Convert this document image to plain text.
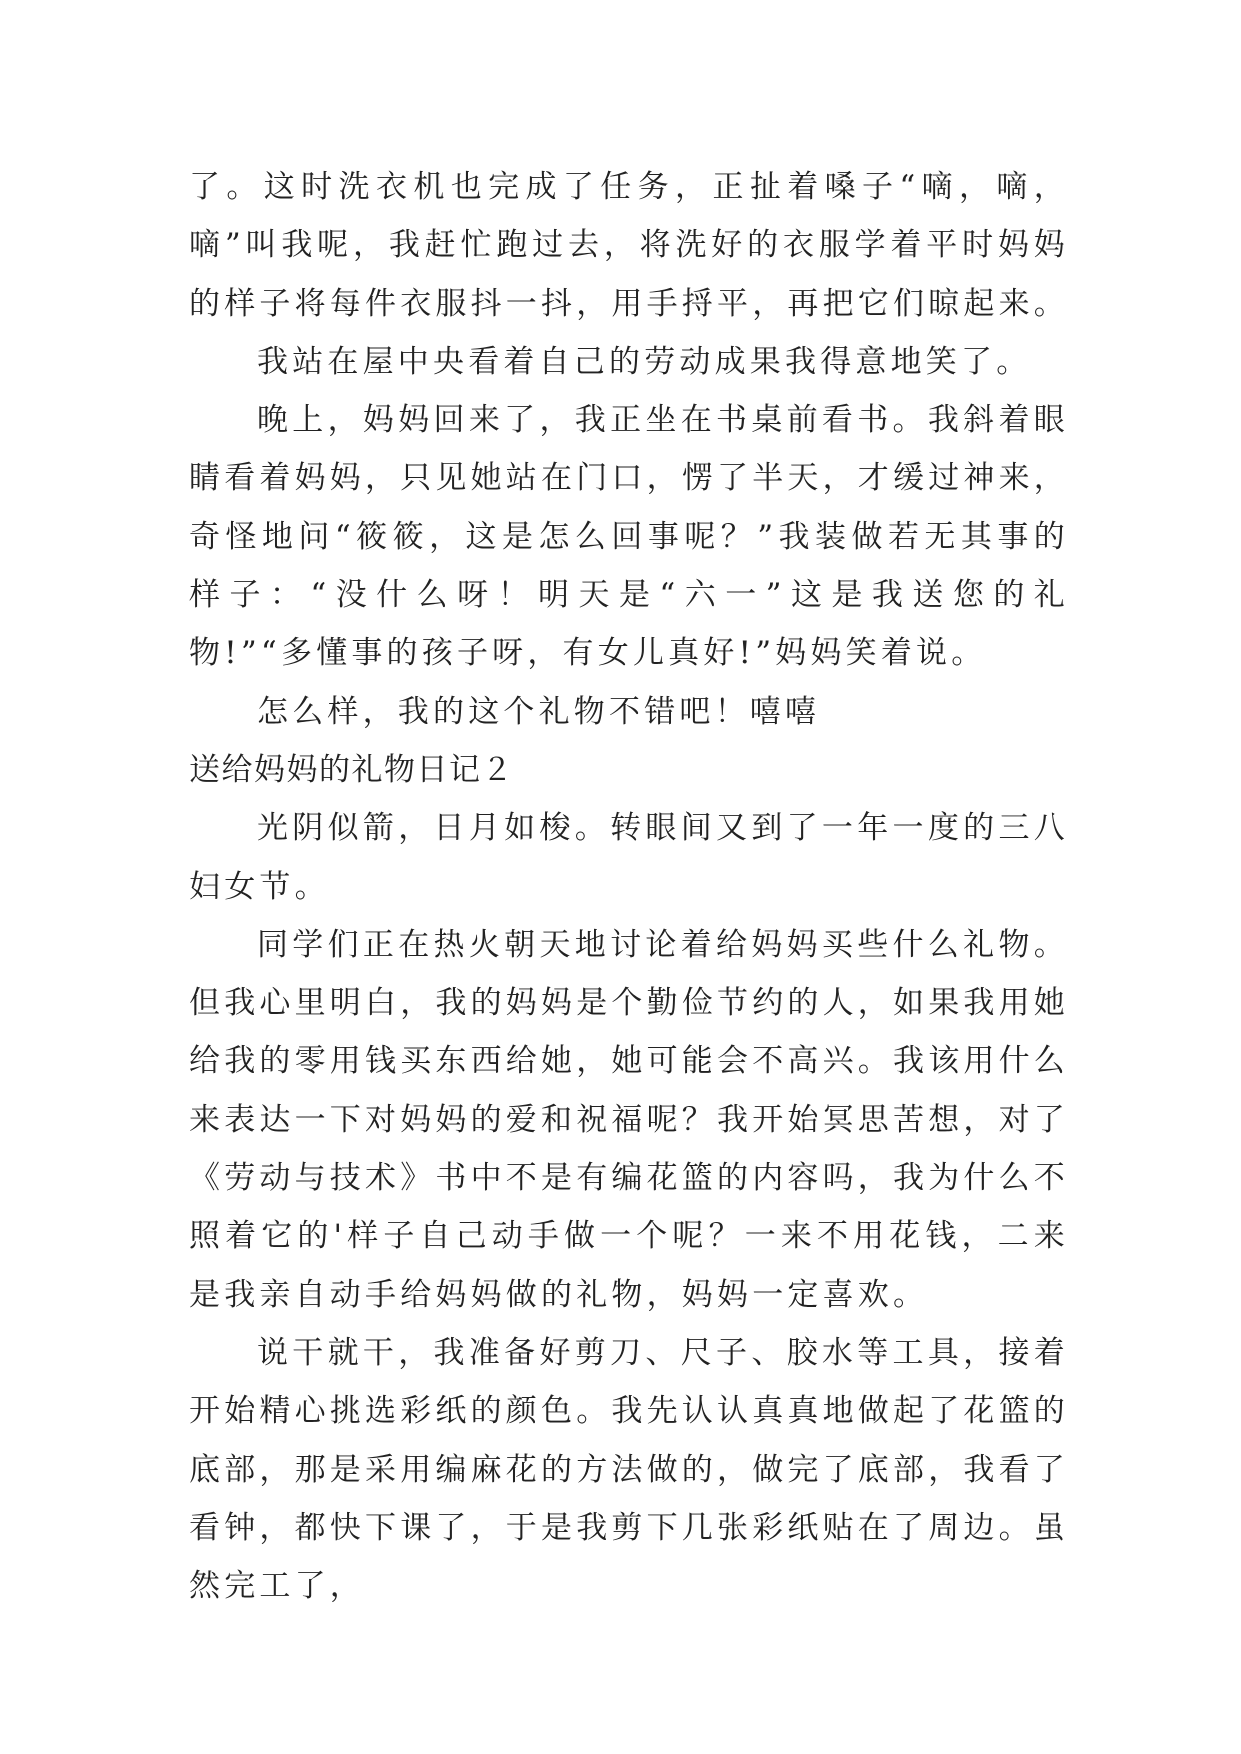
了。这时洗衣机也完成了任务，正扯着嗓子“嘀，嘀，嘀”叫我呢，我赶忙跑过去，将洗好的衣服学着平时妈妈的样子将每件衣服抖一抖，用手捋平，再把它们晾起来。

我站在屋中央看着自己的劳动成果我得意地笑了。

晚上，妈妈回来了，我正坐在书桌前看书。我斜着眼睛看着妈妈，只见她站在门口，愣了半天，才缓过神来，奇怪地问“筱筱，这是怎么回事呢？”我装做若无其事的样子：“没什么呀！明天是“六一”这是我送您的礼物!”“多懂事的孩子呀，有女儿真好!”妈妈笑着说。

怎么样，我的这个礼物不错吧！嘻嘻

送给妈妈的礼物日记２

光阴似箭，日月如梭。转眼间又到了一年一度的三八妇女节。

同学们正在热火朝天地讨论着给妈妈买些什么礼物。但我心里明白，我的妈妈是个勤俭节约的人，如果我用她给我的零用钱买东西给她，她可能会不高兴。我该用什么来表达一下对妈妈的爱和祝福呢？我开始冥思苦想，对了《劳动与技术》书中不是有编花篮的内容吗，我为什么不照着它的'样子自己动手做一个呢？一来不用花钱，二来是我亲自动手给妈妈做的礼物，妈妈一定喜欢。

说干就干，我准备好剪刀、尺子、胶水等工具，接着开始精心挑选彩纸的颜色。我先认认真真地做起了花篮的底部，那是采用编麻花的方法做的，做完了底部，我看了看钟，都快下课了，于是我剪下几张彩纸贴在了周边。虽然完工了，
